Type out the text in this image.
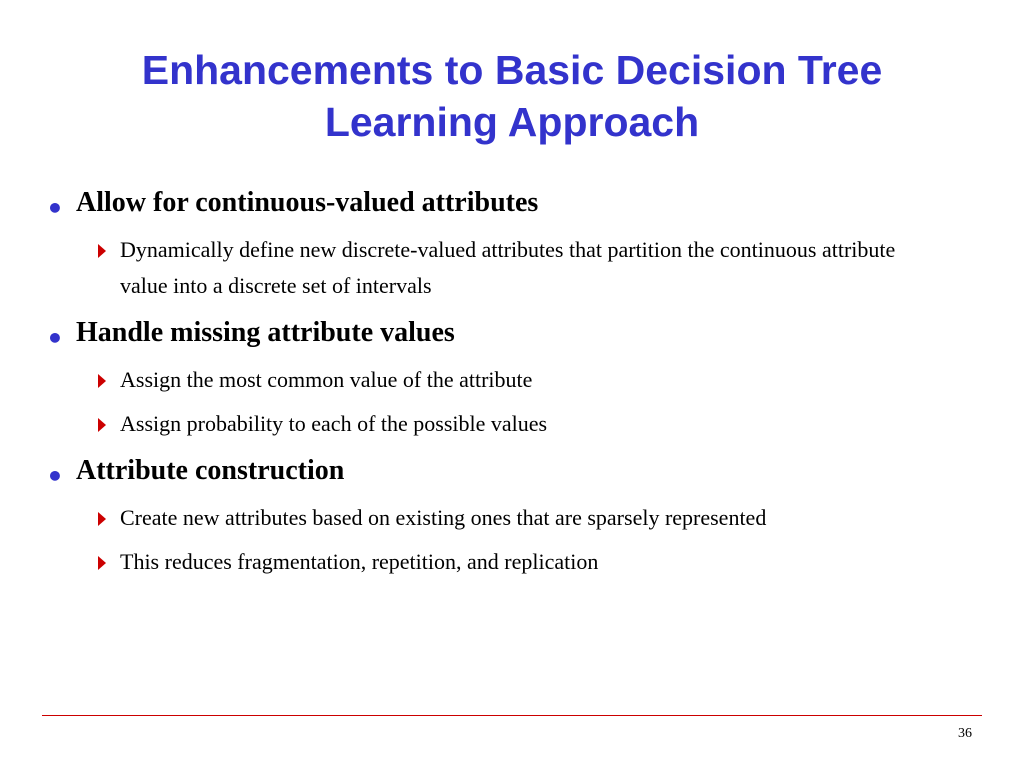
Enhancements to Basic Decision Tree
Learning Approach
• Allow for continuous-valued attributes
Dynamically define new discrete-valued attributes that partition the continuous attribute value into a discrete set of intervals
• Handle missing attribute values
Assign the most common value of the attribute
Assign probability to each of the possible values
• Attribute construction
Create new attributes based on existing ones that are sparsely represented
This reduces fragmentation, repetition, and replication
36
